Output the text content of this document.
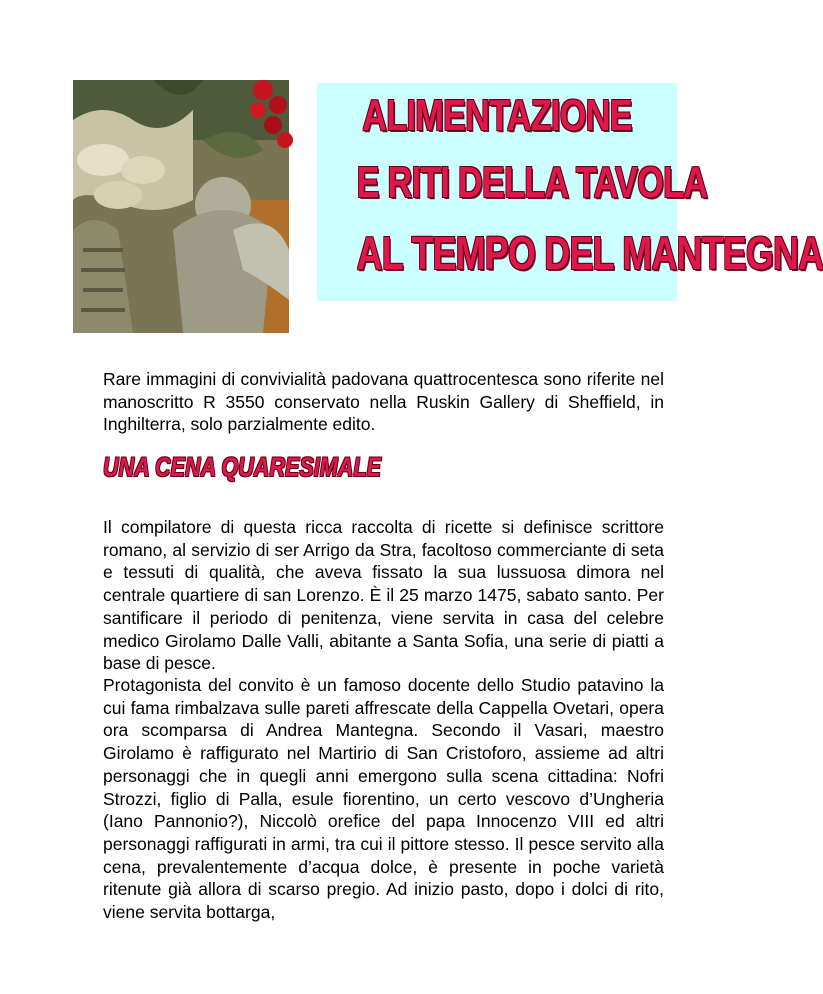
ALIMENTAZIONE
E RITI DELLA TAVOLA
AL TEMPO DEL MANTEGNA

Rare immagini di convivialità padovana quattrocentesca sono riferite nel manoscritto R 3550 conservato nella Ruskin Gallery di Sheffield, in Inghilterra, solo parzialmente edito.

UNA CENA QUARESIMALE

Il compilatore di questa ricca raccolta di ricette si definisce scrittore romano, al servizio di ser Arrigo da Stra, facoltoso commerciante di seta e tessuti di qualità, che aveva fissato la sua lussuosa dimora nel centrale quartiere di san Lorenzo. È il 25 marzo 1475, sabato santo. Per santificare il periodo di penitenza, viene servita in casa del celebre medico Girolamo Dalle Valli, abitante a Santa Sofia, una serie di piatti a base di pesce.

Protagonista del convito è un famoso docente dello Studio patavino la cui fama rimbalzava sulle pareti affrescate della Cappella Ovetari, opera ora scomparsa di Andrea Mantegna. Secondo il Vasari, maestro Girolamo è raffigurato nel Martirio di San Cristoforo, assieme ad altri personaggi che in quegli anni emergono sulla scena cittadina: Nofri Strozzi, figlio di Palla, esule fiorentino, un certo vescovo d’Ungheria (Iano Pannonio?), Niccolò orefice del papa Innocenzo VIII ed altri personaggi raffigurati in armi, tra cui il pittore stesso. Il pesce servito alla cena, prevalentemente d’acqua dolce, è presente in poche varietà ritenute già allora di scarso pregio. Ad inizio pasto, dopo i dolci di rito, viene servita bottarga,
